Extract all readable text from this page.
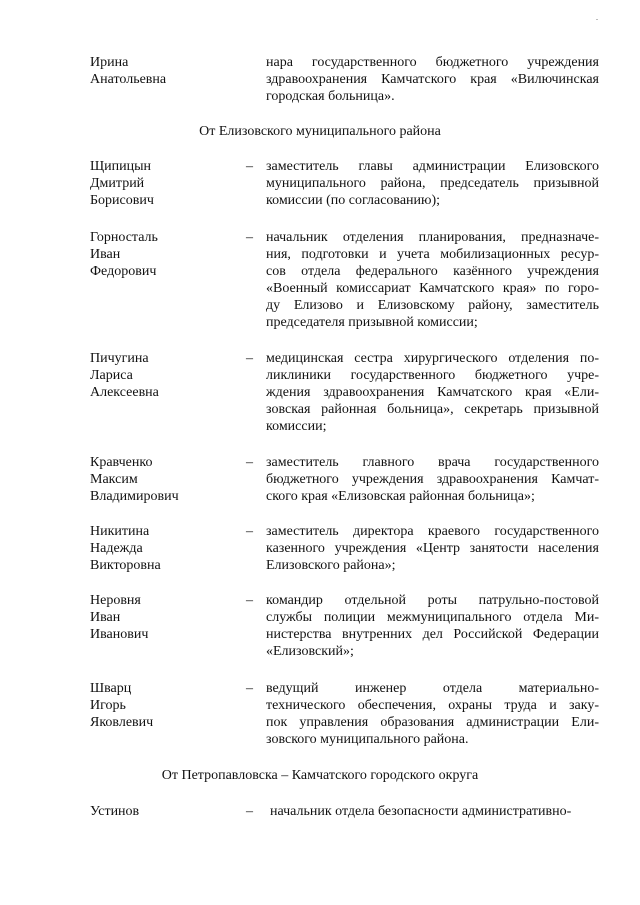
Ирина
Анатольевна
нара государственного бюджетного учреждения
здравоохранения Камчатского края «Вилючинская
городская больница».
От Елизовского муниципального района
Щипицын
Дмитрий
Борисович
– заместитель главы администрации Елизовского
муниципального района, председатель призывной
комиссии (по согласованию);
Горносталь
Иван
Федорович
– начальник отделения планирования, предназначе-
ния, подготовки и учета мобилизационных ресур-
сов отдела федерального казённого учреждения
«Военный комиссариат Камчатского края» по горо-
ду Елизово и Елизовскому району, заместитель
председателя призывной комиссии;
Пичугина
Лариса
Алексеевна
– медицинская сестра хирургического отделения по-
ликлиники государственного бюджетного учре-
ждения здравоохранения Камчатского края «Ели-
зовская районная больница», секретарь призывной
комиссии;
Кравченко
Максим
Владимирович
– заместитель главного врача государственного
бюджетного учреждения здравоохранения Камчат-
ского края «Елизовская районная больница»;
Никитина
Надежда
Викторовна
– заместитель директора краевого государственного
казенного учреждения «Центр занятости населения
Елизовского района»;
Неровня
Иван
Иванович
– командир отдельной роты патрульно-постовой
службы полиции межмуниципального отдела Ми-
нистерства внутренних дел Российской Федерации
«Елизовский»;
Шварц
Игорь
Яковлевич
– ведущий инженер отдела материально-
технического обеспечения, охраны труда и заку-
пок управления образования администрации Ели-
зовского муниципального района.
От Петропавловска – Камчатского городского округа
Устинов	– начальник отдела безопасности административно-
